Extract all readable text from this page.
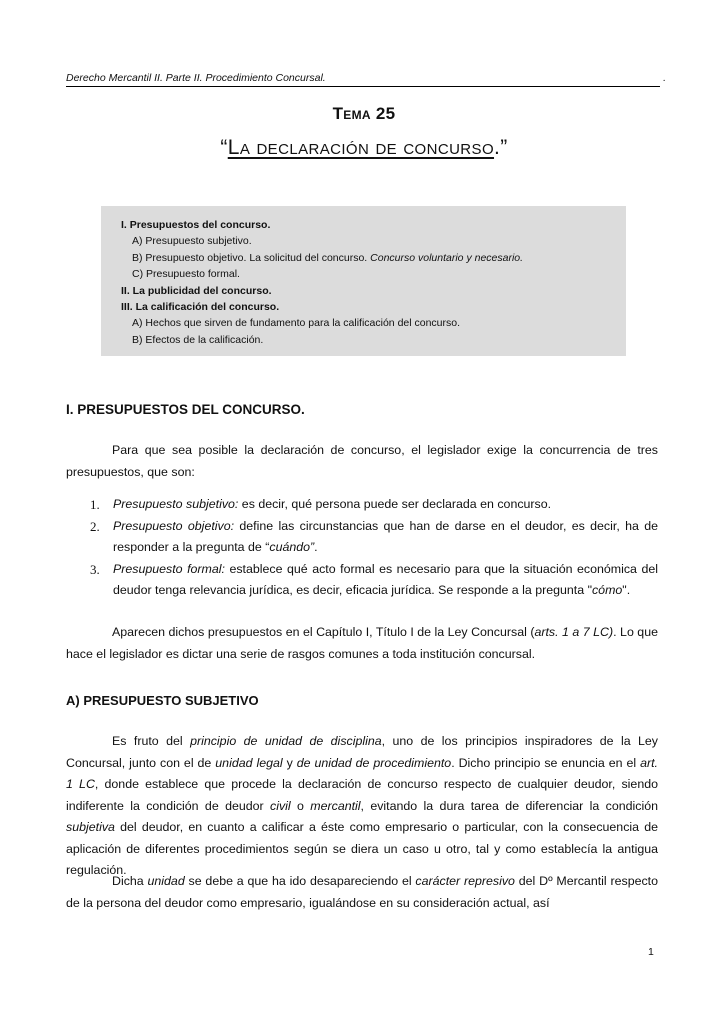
Derecho Mercantil II. Parte II. Procedimiento Concursal.	.
Tema 25
“La declaración de concurso.”
I. Presupuestos del concurso.
A) Presupuesto subjetivo.
B) Presupuesto objetivo. La solicitud del concurso. Concurso voluntario y necesario.
C) Presupuesto formal.
II. La publicidad del concurso.
III. La calificación del concurso.
A) Hechos que sirven de fundamento para la calificación del concurso.
B) Efectos de la calificación.
I. PRESUPUESTOS DEL CONCURSO.
Para que sea posible la declaración de concurso, el legislador exige la concurrencia de tres presupuestos, que son:
1. Presupuesto subjetivo: es decir, qué persona puede ser declarada en concurso.
2. Presupuesto objetivo: define las circunstancias que han de darse en el deudor, es decir, ha de responder a la pregunta de “cuándo”.
3. Presupuesto formal: establece qué acto formal es necesario para que la situación económica del deudor tenga relevancia jurídica, es decir, eficacia jurídica. Se responde a la pregunta "cómo".
Aparecen dichos presupuestos en el Capítulo I, Título I de la Ley Concursal (arts. 1 a 7 LC). Lo que hace el legislador es dictar una serie de rasgos comunes a toda institución concursal.
A) PRESUPUESTO SUBJETIVO
Es fruto del principio de unidad de disciplina, uno de los principios inspiradores de la Ley Concursal, junto con el de unidad legal y de unidad de procedimiento. Dicho principio se enuncia en el art. 1 LC, donde establece que procede la declaración de concurso respecto de cualquier deudor, siendo indiferente la condición de deudor civil o mercantil, evitando la dura tarea de diferenciar la condición subjetiva del deudor, en cuanto a calificar a éste como empresario o particular, con la consecuencia de aplicación de diferentes procedimientos según se diera un caso u otro, tal y como establecía la antigua regulación.
Dicha unidad se debe a que ha ido desapareciendo el carácter represivo del Dº Mercantil respecto de la persona del deudor como empresario, igualándose en su consideración actual, así
1
